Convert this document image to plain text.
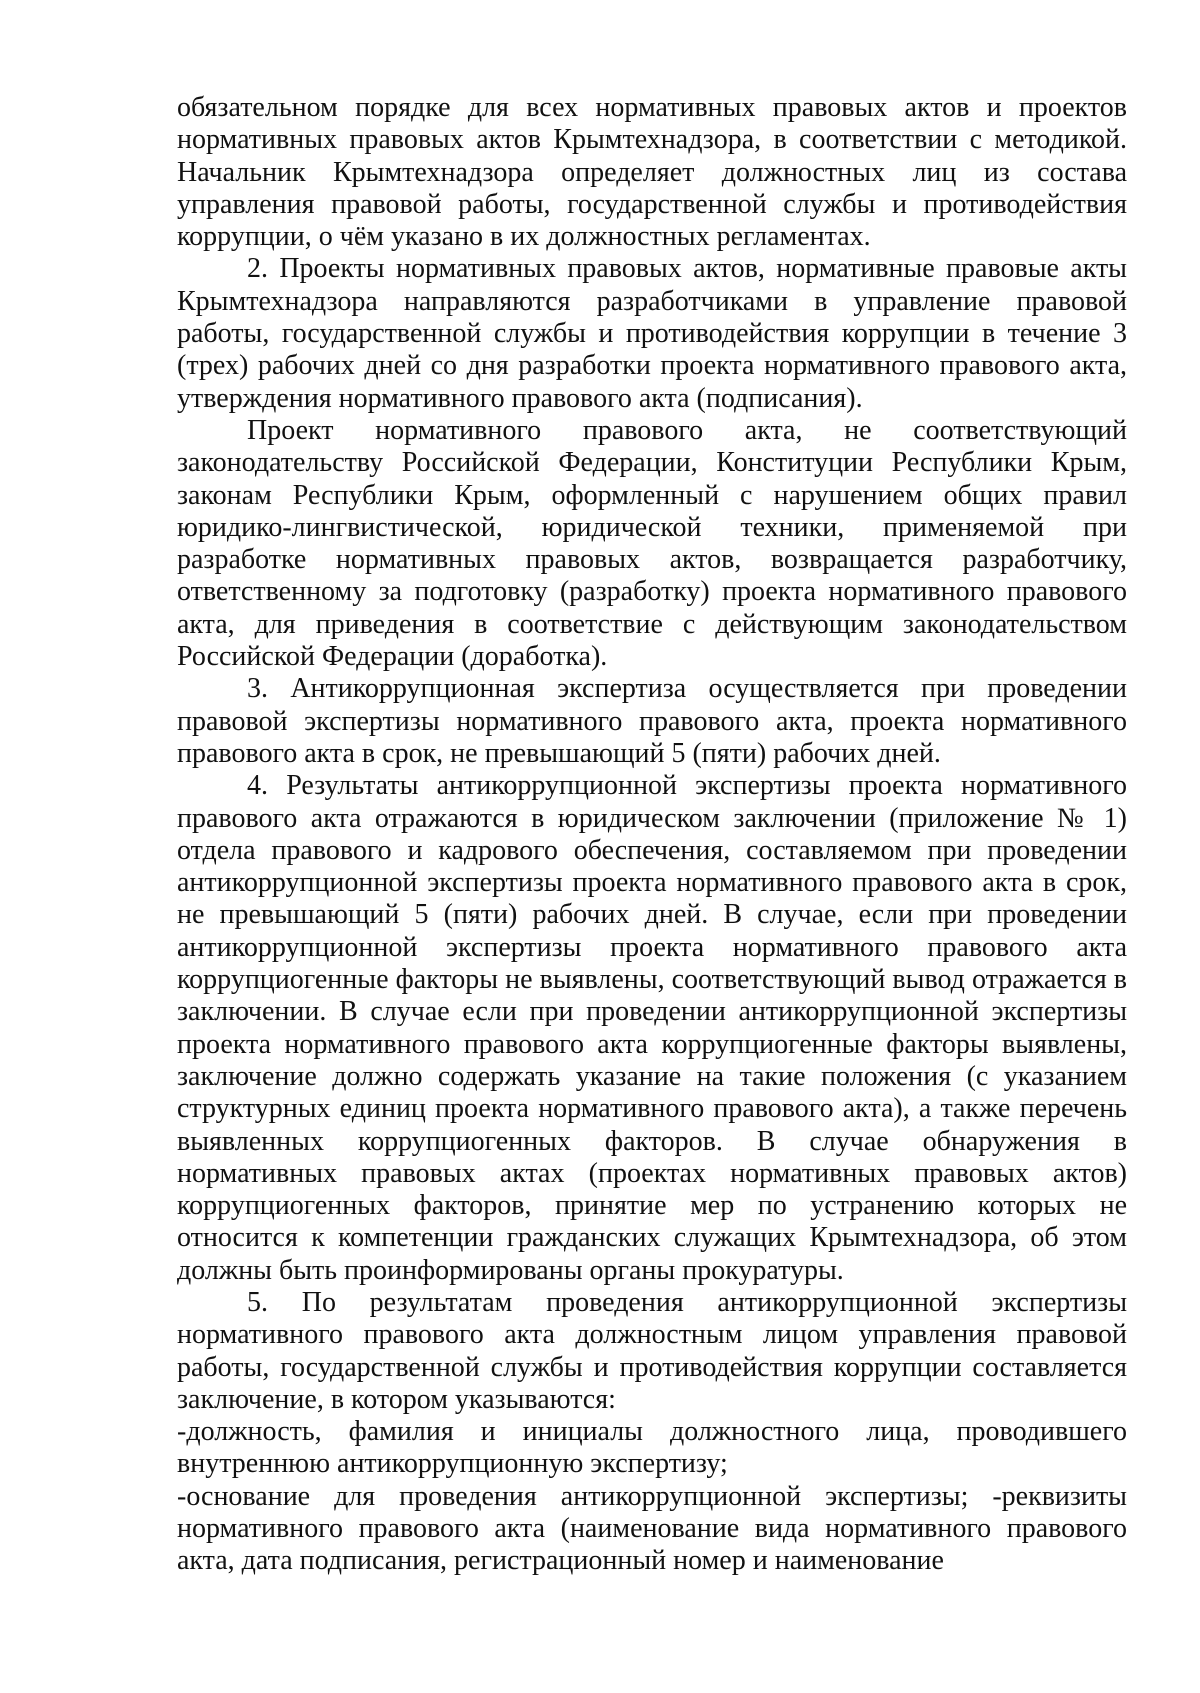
обязательном порядке для всех нормативных правовых актов и проектов нормативных правовых актов Крымтехнадзора, в соответствии с методикой. Начальник Крымтехнадзора определяет должностных лиц из состава управления правовой работы, государственной службы и противодействия коррупции, о чём указано в их должностных регламентах.

2. Проекты нормативных правовых актов, нормативные правовые акты Крымтехнадзора направляются разработчиками в управление правовой работы, государственной службы и противодействия коррупции в течение 3 (трех) рабочих дней со дня разработки проекта нормативного правового акта, утверждения нормативного правового акта (подписания).

Проект нормативного правового акта, не соответствующий законодательству Российской Федерации, Конституции Республики Крым, законам Республики Крым, оформленный с нарушением общих правил юридико-лингвистической, юридической техники, применяемой при разработке нормативных правовых актов, возвращается разработчику, ответственному за подготовку (разработку) проекта нормативного правового акта, для приведения в соответствие с действующим законодательством Российской Федерации (доработка).

3. Антикоррупционная экспертиза осуществляется при проведении правовой экспертизы нормативного правового акта, проекта нормативного правового акта в срок, не превышающий 5 (пяти) рабочих дней.

4. Результаты антикоррупционной экспертизы проекта нормативного правового акта отражаются в юридическом заключении (приложение № 1) отдела правового и кадрового обеспечения, составляемом при проведении антикоррупционной экспертизы проекта нормативного правового акта в срок, не превышающий 5 (пяти) рабочих дней. В случае, если при проведении антикоррупционной экспертизы проекта нормативного правового акта коррупциогенные факторы не выявлены, соответствующий вывод отражается в заключении. В случае если при проведении антикоррупционной экспертизы проекта нормативного правового акта коррупциогенные факторы выявлены, заключение должно содержать указание на такие положения (с указанием структурных единиц проекта нормативного правового акта), а также перечень выявленных коррупциогенных факторов. В случае обнаружения в нормативных правовых актах (проектах нормативных правовых актов) коррупциогенных факторов, принятие мер по устранению которых не относится к компетенции гражданских служащих Крымтехнадзора, об этом должны быть проинформированы органы прокуратуры.

5. По результатам проведения антикоррупционной экспертизы нормативного правового акта должностным лицом управления правовой работы, государственной службы и противодействия коррупции составляется заключение, в котором указываются:

-должность, фамилия и инициалы должностного лица, проводившего внутреннюю антикоррупционную экспертизу;

-основание для проведения антикоррупционной экспертизы; -реквизиты нормативного правового акта (наименование вида нормативного правового акта, дата подписания, регистрационный номер и наименование
